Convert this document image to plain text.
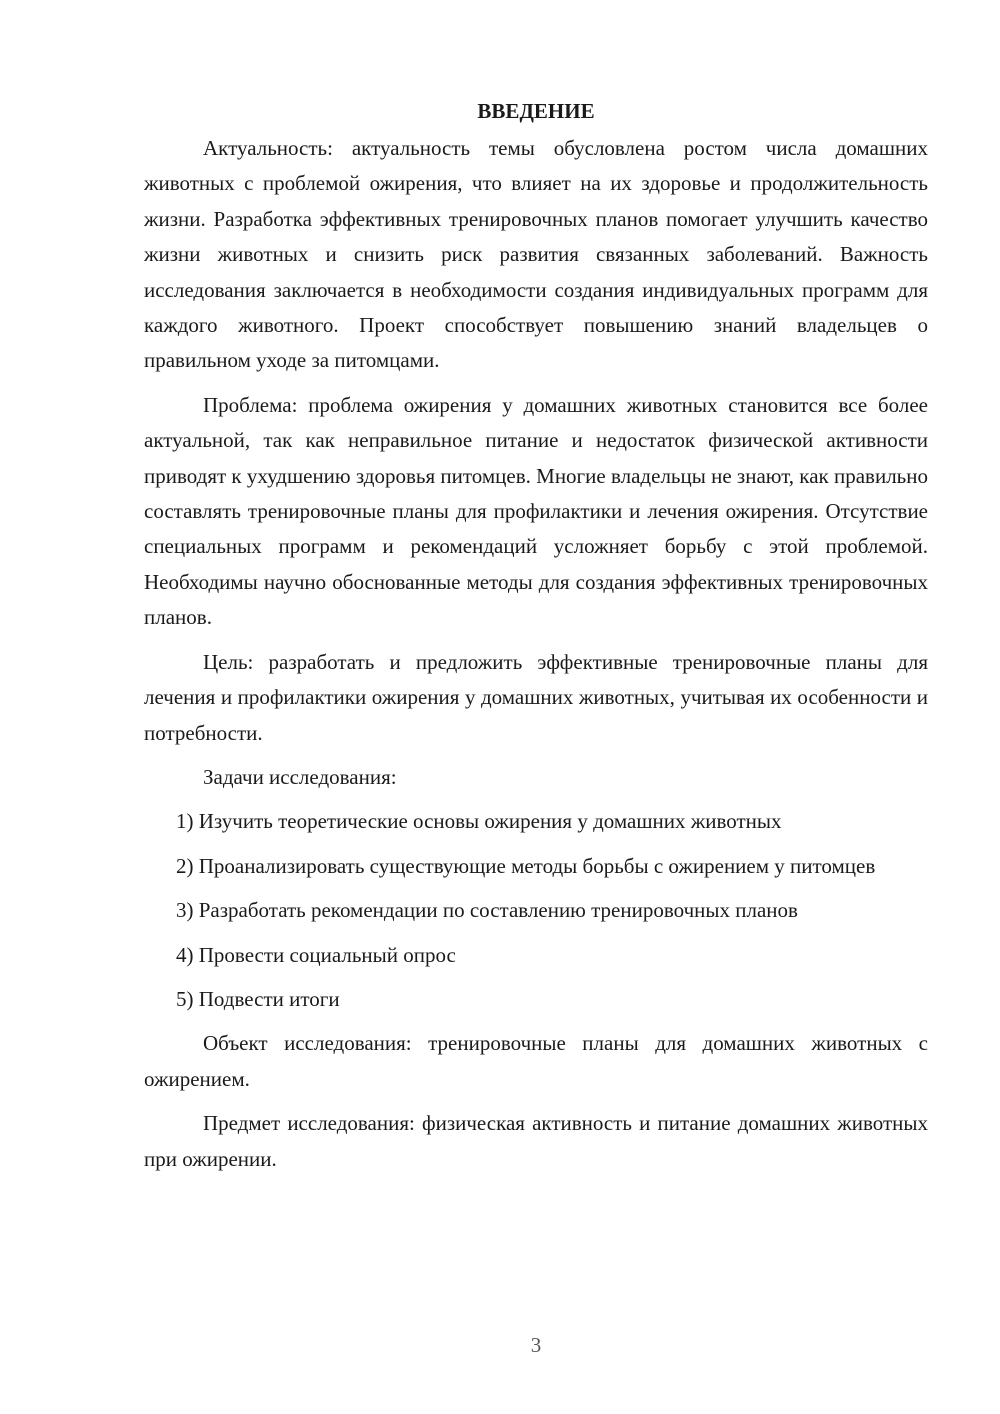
ВВЕДЕНИЕ

Актуальность: актуальность темы обусловлена ростом числа домашних животных с проблемой ожирения, что влияет на их здоровье и продолжительность жизни. Разработка эффективных тренировочных планов помогает улучшить качество жизни животных и снизить риск развития связанных заболеваний. Важность исследования заключается в необходимости создания индивидуальных программ для каждого животного. Проект способствует повышению знаний владельцев о правильном уходе за питомцами.

Проблема: проблема ожирения у домашних животных становится все более актуальной, так как неправильное питание и недостаток физической активности приводят к ухудшению здоровья питомцев. Многие владельцы не знают, как правильно составлять тренировочные планы для профилактики и лечения ожирения. Отсутствие специальных программ и рекомендаций усложняет борьбу с этой проблемой. Необходимы научно обоснованные методы для создания эффективных тренировочных планов.

Цель: разработать и предложить эффективные тренировочные планы для лечения и профилактики ожирения у домашних животных, учитывая их особенности и потребности.

Задачи исследования:

1) Изучить теоретические основы ожирения у домашних животных

2) Проанализировать существующие методы борьбы с ожирением у питомцев

3) Разработать рекомендации по составлению тренировочных планов

4) Провести социальный опрос

5) Подвести итоги

Объект исследования: тренировочные планы для домашних животных с ожирением.

Предмет исследования: физическая активность и питание домашних животных при ожирении.

3
